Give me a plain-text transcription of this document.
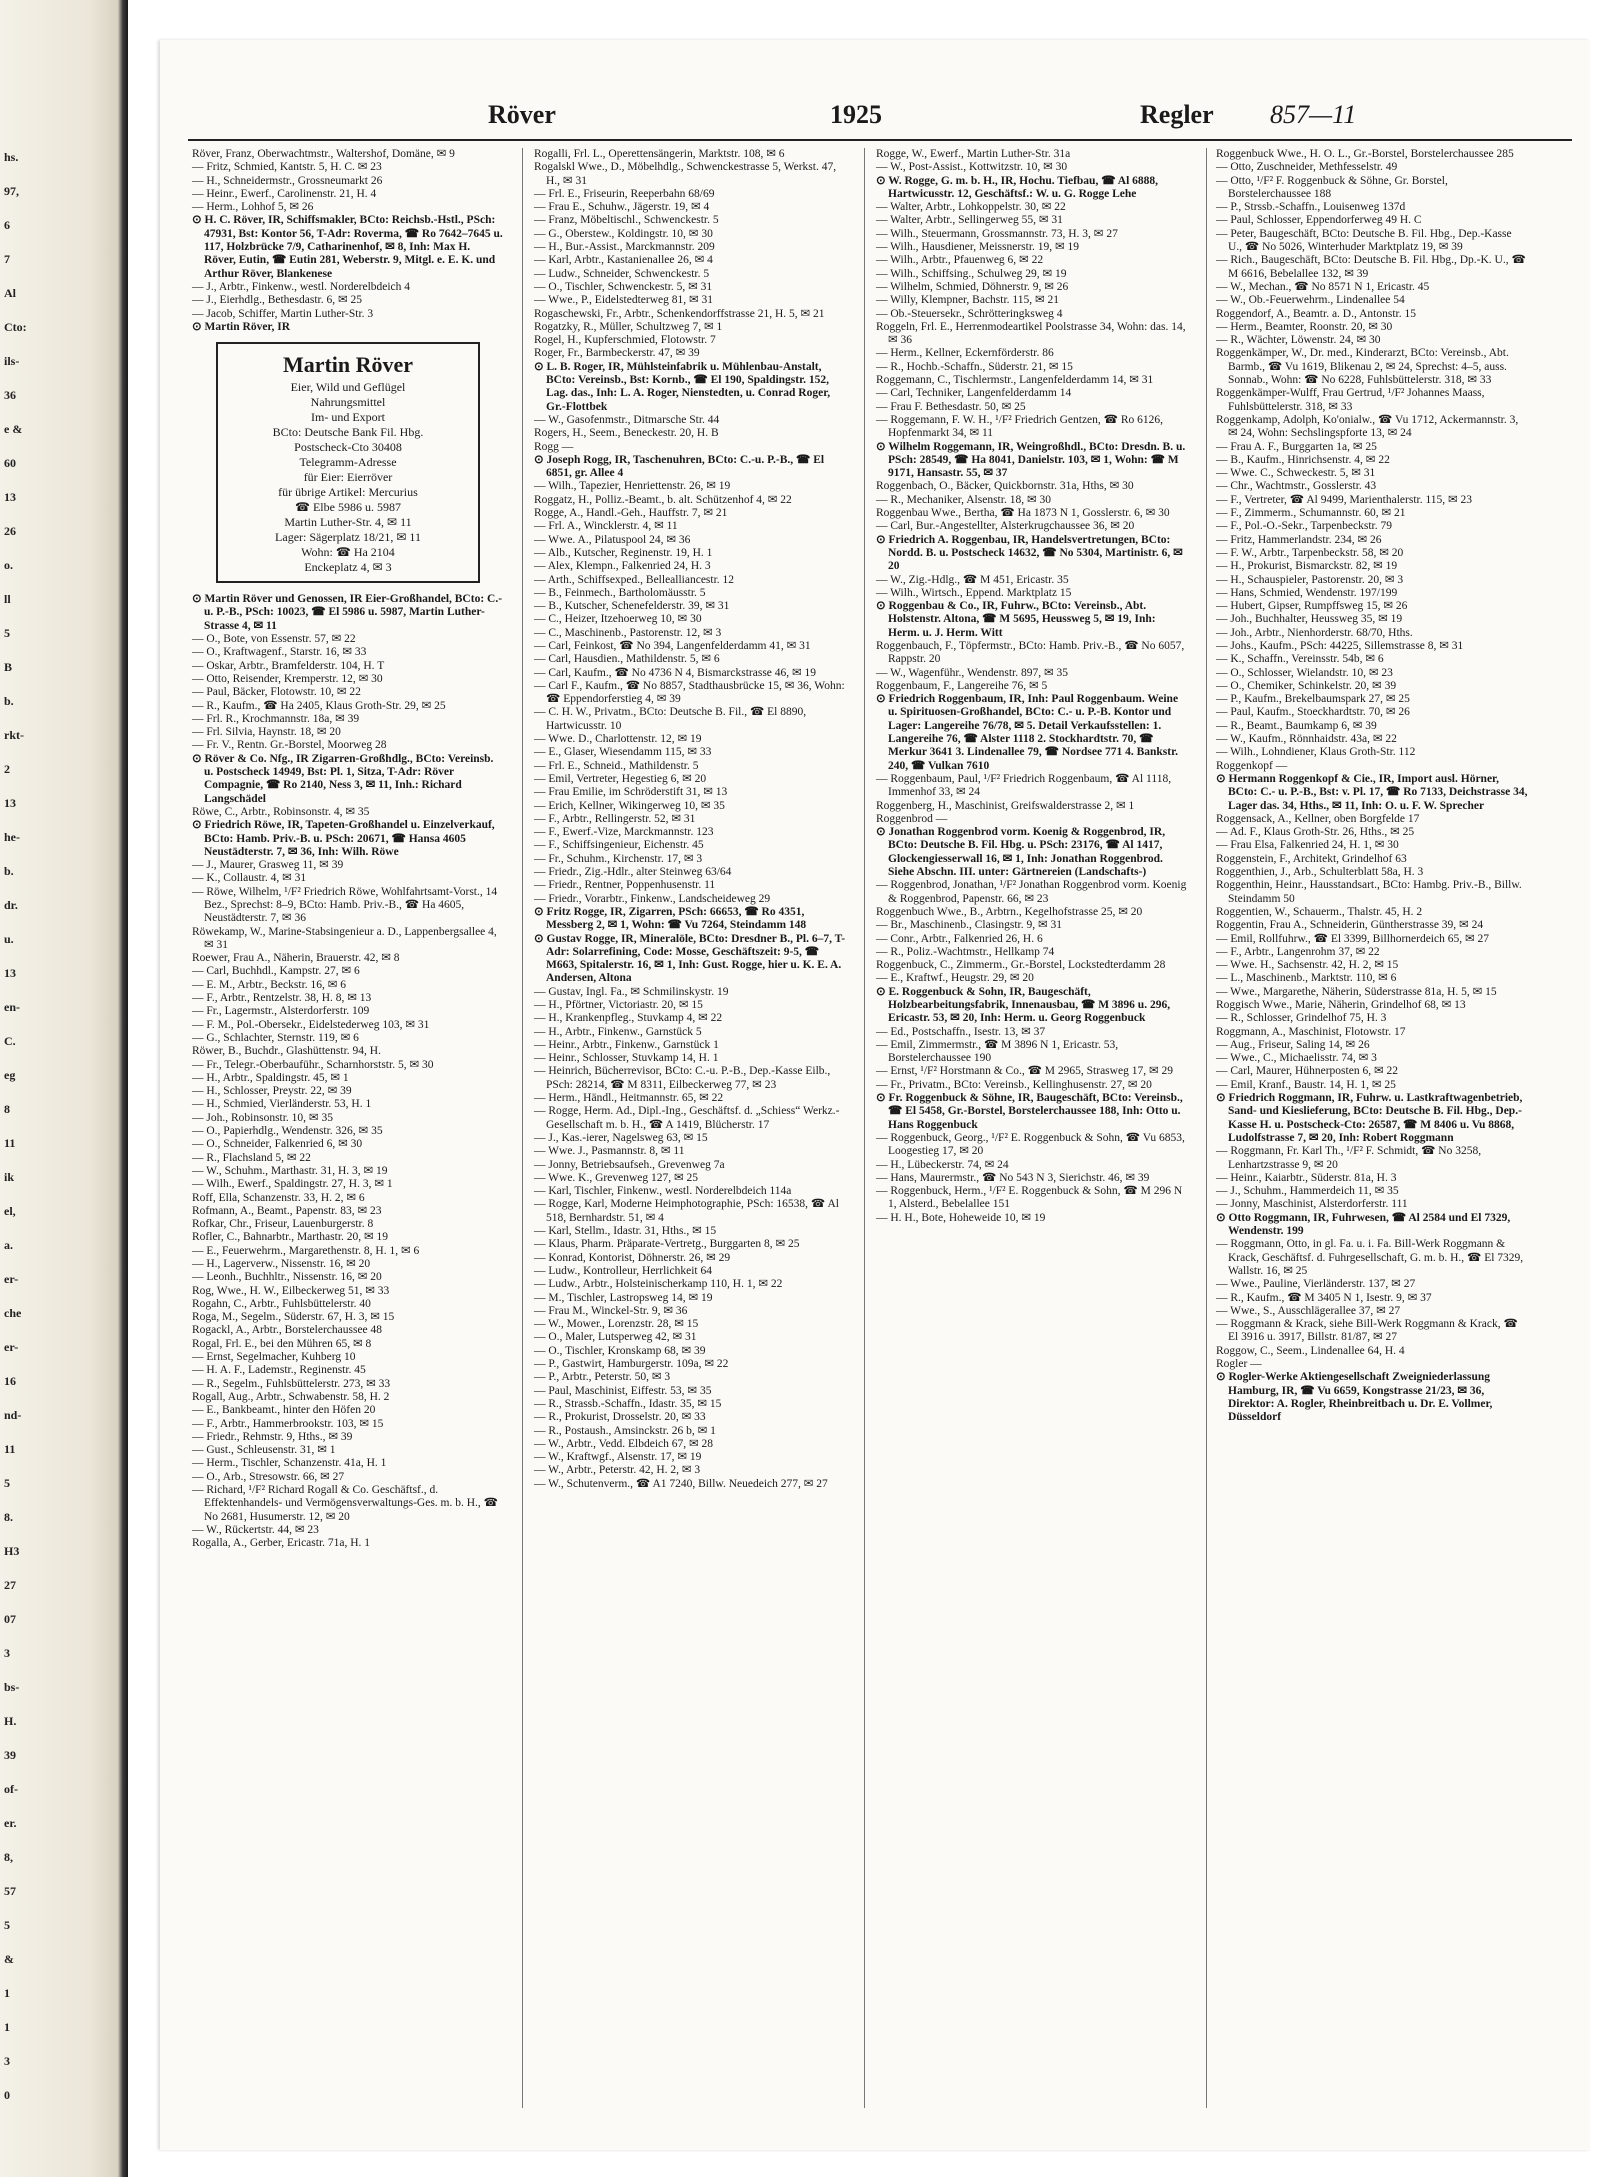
hs.
97,
6
7
Al
Cto:
ils-
36
e &
60
13
26
o.
ll
5
B
b.
rkt-
2
13
he-
b.
dr.
u.
13
en-
C.
eg
8
11
ik
el,
a.
er-
che
er-
16
nd-
11
5
8.
H3
27
07
3
bs-
H.
39
of-
er.
8,
57
5
&
1
1
3
0
Röver	1925	Regler 857—11

Röver, Franz, Oberwachtmstr., Waltershof, Domäne, ✉ 9

— Fritz, Schmied, Kantstr. 5, H. C. ✉ 23

— H., Schneidermstr., Grossneumarkt 26

— Heinr., Ewerf., Carolinenstr. 21, H. 4

— Herm., Lohhof 5, ✉ 26

⊙ H. C. Röver, IR, Schiffsmakler, BCto: Reichsb.-Hstl., PSch: 47931, Bst: Kontor 56, T-Adr: Roverma, ☎ Ro 7642–7645 u. 117, Holzbrücke 7/9, Catharinenhof, ✉ 8, Inh: Max H. Röver, Eutin, ☎ Eutin 281, Weberstr. 9, Mitgl. e. E. K. und Arthur Röver, Blankenese

— J., Arbtr., Finkenw., westl. Norderelbdeich 4

— J., Eierhdlg., Bethesdastr. 6, ✉ 25

— Jacob, Schiffer, Martin Luther-Str. 3

⊙ Martin Röver, IR

Martin Röver
Eier, Wild und Geflügel
Nahrungsmittel
Im- und Export
BCto: Deutsche Bank Fil. Hbg.
Postscheck-Cto 30408
Telegramm-Adresse
für Eier: Eierröver
für übrige Artikel: Mercurius
☎ Elbe 5986 u. 5987
Martin Luther-Str. 4, ✉ 11
Lager: Sägerplatz 18/21, ✉ 11
Wohn: ☎ Ha 2104
Enckeplatz 4, ✉ 3

⊙ Martin Röver und Genossen, IR Eier-Großhandel, BCto: C.-u. P.-B., PSch: 10023, ☎ El 5986 u. 5987, Martin Luther-Strasse 4, ✉ 11

— O., Bote, von Essenstr. 57, ✉ 22

— O., Kraftwagenf., Starstr. 16, ✉ 33

— Oskar, Arbtr., Bramfelderstr. 104, H. T

— Otto, Reisender, Kremperstr. 12, ✉ 30

— Paul, Bäcker, Flotowstr. 10, ✉ 22

— R., Kaufm., ☎ Ha 2405, Klaus Groth-Str. 29, ✉ 25

— Frl. R., Krochmannstr. 18a, ✉ 39

— Frl. Silvia, Haynstr. 18, ✉ 20

— Fr. V., Rentn. Gr.-Borstel, Moorweg 28

⊙ Röver & Co. Nfg., IR Zigarren-Großhdlg., BCto: Vereinsb. u. Postscheck 14949, Bst: Pl. 1, Sitza, T-Adr: Röver Compagnie, ☎ Ro 2140, Ness 3, ✉ 11, Inh.: Richard Langschädel

Röwe, C., Arbtr., Robinsonstr. 4, ✉ 35

⊙ Friedrich Röwe, IR, Tapeten-Großhandel u. Einzelverkauf, BCto: Hamb. Priv.-B. u. PSch: 20671, ☎ Hansa 4605 Neustädterstr. 7, ✉ 36, Inh: Wilh. Röwe

— J., Maurer, Grasweg 11, ✉ 39

— K., Collaustr. 4, ✉ 31

— Röwe, Wilhelm, ¹/F² Friedrich Röwe, Wohlfahrtsamt-Vorst., 14 Bez., Sprechst: 8–9, BCto: Hamb. Priv.-B., ☎ Ha 4605, Neustädterstr. 7, ✉ 36

Röwekamp, W., Marine-Stabsingenieur a. D., Lappenbergsallee 4, ✉ 31

Roewer, Frau A., Näherin, Brauerstr. 42, ✉ 8

— Carl, Buchhdl., Kampstr. 27, ✉ 6

— E. M., Arbtr., Beckstr. 16, ✉ 6

— F., Arbtr., Rentzelstr. 38, H. 8, ✉ 13

— Fr., Lagermstr., Alsterdorferstr. 109

— F. M., Pol.-Obersekr., Eidelstederweg 103, ✉ 31

— G., Schlachter, Sternstr. 119, ✉ 6

Röwer, B., Buchdr., Glashüttenstr. 94, H.

— Fr., Telegr.-Oberbauführ., Scharnhorststr. 5, ✉ 30

— H., Arbtr., Spaldingstr. 45, ✉ 1

— H., Schlosser, Preystr. 22, ✉ 39

— H., Schmied, Vierländerstr. 53, H. 1

— Joh., Robinsonstr. 10, ✉ 35

— O., Papierhdlg., Wendenstr. 326, ✉ 35

— O., Schneider, Falkenried 6, ✉ 30

— R., Flachsland 5, ✉ 22

— W., Schuhm., Marthastr. 31, H. 3, ✉ 19

— Wilh., Ewerf., Spaldingstr. 27, H. 3, ✉ 1

Roff, Ella, Schanzenstr. 33, H. 2, ✉ 6

Rofmann, A., Beamt., Papenstr. 83, ✉ 23

Rofkar, Chr., Friseur, Lauenburgerstr. 8

Rofler, C., Bahnarbtr., Marthastr. 20, ✉ 19

— E., Feuerwehrm., Margarethenstr. 8, H. 1, ✉ 6

— H., Lagerverw., Nissenstr. 16, ✉ 20

— Leonh., Buchhltr., Nissenstr. 16, ✉ 20

Rog, Wwe., H. W., Eilbeckerweg 51, ✉ 33

Rogahn, C., Arbtr., Fuhlsbüttelerstr. 40

Roga, M., Segelm., Süderstr. 67, H. 3, ✉ 15

Rogackl, A., Arbtr., Borstelerchaussee 48

Rogal, Frl. E., bei den Mühren 65, ✉ 8

— Ernst, Segelmacher, Kuhberg 10

— H. A. F., Lademstr., Reginenstr. 45

— R., Segelm., Fuhlsbüttelerstr. 273, ✉ 33

Rogall, Aug., Arbtr., Schwabenstr. 58, H. 2

— E., Bankbeamt., hinter den Höfen 20

— F., Arbtr., Hammerbrookstr. 103, ✉ 15

— Friedr., Rehmstr. 9, Hths., ✉ 39

— Gust., Schleusenstr. 31, ✉ 1

— Herm., Tischler, Schanzenstr. 41a, H. 1

— O., Arb., Stresowstr. 66, ✉ 27

— Richard, ¹/F² Richard Rogall & Co. Geschäftsf., d. Effektenhandels- und Vermögensverwaltungs-Ges. m. b. H., ☎ No 2681, Husumerstr. 12, ✉ 20

— W., Rückertstr. 44, ✉ 23

Rogalla, A., Gerber, Ericastr. 71a, H. 1

Rogalli, Frl. L., Operettensängerin, Marktstr. 108, ✉ 6

Rogalskl Wwe., D., Möbelhdlg., Schwenckestrasse 5, Werkst. 47, H., ✉ 31

— Frl. E., Friseurin, Reeperbahn 68/69

— Frau E., Schuhw., Jägerstr. 19, ✉ 4

— Franz, Möbeltischl., Schwenckestr. 5

— G., Oberstew., Koldingstr. 10, ✉ 30

— H., Bur.-Assist., Marckmannstr. 209

— Karl, Arbtr., Kastanienallee 26, ✉ 4

— Ludw., Schneider, Schwenckestr. 5

— O., Tischler, Schwenckestr. 5, ✉ 31

— Wwe., P., Eidelstedterweg 81, ✉ 31

Rogaschewski, Fr., Arbtr., Schenkendorffstrasse 21, H. 5, ✉ 21

Rogatzky, R., Müller, Schultzweg 7, ✉ 1

Rogel, H., Kupferschmied, Flotowstr. 7

Roger, Fr., Barmbeckerstr. 47, ✉ 39

⊙ L. B. Roger, IR, Mühlsteinfabrik u. Mühlenbau-Anstalt, BCto: Vereinsb., Bst: Kornb., ☎ El 190, Spaldingstr. 152, Lag. das., Inh: L. A. Roger, Nienstedten, u. Conrad Roger, Gr.-Flottbek

— W., Gasofenmstr., Ditmarsche Str. 44

Rogers, H., Seem., Beneckestr. 20, H. B

Rogg —

⊙ Joseph Rogg, IR, Taschenuhren, BCto: C.-u. P.-B., ☎ El 6851, gr. Allee 4

— Wilh., Tapezier, Henriettenstr. 26, ✉ 19

Roggatz, H., Polliz.-Beamt., b. alt. Schützenhof 4, ✉ 22

Rogge, A., Handl.-Geh., Hauffstr. 7, ✉ 21

— Frl. A., Wincklerstr. 4, ✉ 11

— Wwe. A., Pilatuspool 24, ✉ 36

— Alb., Kutscher, Reginenstr. 19, H. 1

— Alex, Klempn., Falkenried 24, H. 3

— Arth., Schiffsexped., Bellealliancestr. 12

— B., Feinmech., Bartholomäusstr. 5

— B., Kutscher, Schenefelderstr. 39, ✉ 31

— C., Heizer, Itzehoerweg 10, ✉ 30

— C., Maschinenb., Pastorenstr. 12, ✉ 3

— Carl, Feinkost, ☎ No 394, Langenfelderdamm 41, ✉ 31

— Carl, Hausdien., Mathildenstr. 5, ✉ 6

— Carl, Kaufm., ☎ No 4736 N 4, Bismarckstrasse 46, ✉ 19

— Carl F., Kaufm., ☎ No 8857, Stadthausbrücke 15, ✉ 36, Wohn: ☎ Eppendorferstieg 4, ✉ 39

— C. H. W., Privatm., BCto: Deutsche B. Fil., ☎ El 8890, Hartwicusstr. 10

— Wwe. D., Charlottenstr. 12, ✉ 19

— E., Glaser, Wiesendamm 115, ✉ 33

— Frl. E., Schneid., Mathildenstr. 5

— Emil, Vertreter, Hegestieg 6, ✉ 20

— Frau Emilie, im Schröderstift 31, ✉ 13

— Erich, Kellner, Wikingerweg 10, ✉ 35

— F., Arbtr., Rellingerstr. 52, ✉ 31

— F., Ewerf.-Vize, Marckmannstr. 123

— F., Schiffsingenieur, Eichenstr. 45

— Fr., Schuhm., Kirchenstr. 17, ✉ 3

— Friedr., Zig.-Hdlr., alter Steinweg 63/64

— Friedr., Rentner, Poppenhusenstr. 11

— Friedr., Vorarbtr., Finkenw., Landscheideweg 29

⊙ Fritz Rogge, IR, Zigarren, PSch: 66653, ☎ Ro 4351, Messberg 2, ✉ 1, Wohn: ☎ Vu 7264, Steindamm 148

⊙ Gustav Rogge, IR, Mineralöle, BCto: Dresdner B., Pl. 6–7, T-Adr: Solarrefining, Code: Mosse, Geschäftszeit: 9-5, ☎ M663, Spitalerstr. 16, ✉ 1, Inh: Gust. Rogge, hier u. K. E. A. Andersen, Altona

— Gustav, Ingl. Fa., ✉ Schmilinskystr. 19

— H., Pförtner, Victoriastr. 20, ✉ 15

— H., Krankenpfleg., Stuvkamp 4, ✉ 22

— H., Arbtr., Finkenw., Garnstück 5

— Heinr., Arbtr., Finkenw., Garnstück 1

— Heinr., Schlosser, Stuvkamp 14, H. 1

— Heinrich, Bücherrevisor, BCto: C.-u. P.-B., Dep.-Kasse Eilb., PSch: 28214, ☎ M 8311, Eilbeckerweg 77, ✉ 23

— Herm., Händl., Heitmannstr. 65, ✉ 22

— Rogge, Herm. Ad., Dipl.-Ing., Geschäftsf. d. „Schiess“ Werkz.-Gesellschaft m. b. H., ☎ A 1419, Blücherstr. 17

— J., Kas.-ierer, Nagelsweg 63, ✉ 15

— Wwe. J., Pasmannstr. 8, ✉ 11

— Jonny, Betriebsaufseh., Grevenweg 7a

— Wwe. K., Grevenweg 127, ✉ 25

— Karl, Tischler, Finkenw., westl. Norderelbdeich 114a

— Rogge, Karl, Moderne Heimphotographie, PSch: 16538, ☎ Al 518, Bernhardstr. 51, ✉ 4

— Karl, Stellm., Idastr. 31, Hths., ✉ 15

— Klaus, Pharm. Präparate-Vertretg., Burggarten 8, ✉ 25

— Konrad, Kontorist, Döhnerstr. 26, ✉ 29

— Ludw., Kontrolleur, Herrlichkeit 64

— Ludw., Arbtr., Holsteinischerkamp 110, H. 1, ✉ 22

— M., Tischler, Lastropsweg 14, ✉ 19

— Frau M., Winckel-Str. 9, ✉ 36

— W., Mower., Lorenzstr. 28, ✉ 15

— O., Maler, Lutsperweg 42, ✉ 31

— O., Tischler, Kronskamp 68, ✉ 39

— P., Gastwirt, Hamburgerstr. 109a, ✉ 22

— P., Arbtr., Peterstr. 50, ✉ 3

— Paul, Maschinist, Eiffestr. 53, ✉ 35

— R., Strassb.-Schaffn., Idastr. 35, ✉ 15

— R., Prokurist, Drosselstr. 20, ✉ 33

— R., Postaush., Amsinckstr. 26 b, ✉ 1

— W., Arbtr., Vedd. Elbdeich 67, ✉ 28

— W., Kraftwgf., Alsenstr. 17, ✉ 19

— W., Arbtr., Peterstr. 42, H. 2, ✉ 3

— W., Schutenverm., ☎ A1 7240, Billw. Neuedeich 277, ✉ 27

Rogge, W., Ewerf., Martin Luther-Str. 31a

— W., Post-Assist., Kottwitzstr. 10, ✉ 30

⊙ W. Rogge, G. m. b. H., IR, Hochu. Tiefbau, ☎ Al 6888, Hartwicusstr. 12, Geschäftsf.: W. u. G. Rogge Lehe

— Walter, Arbtr., Lohkoppelstr. 30, ✉ 22

— Walter, Arbtr., Sellingerweg 55, ✉ 31

— Wilh., Steuermann, Grossmannstr. 73, H. 3, ✉ 27

— Wilh., Hausdiener, Meissnerstr. 19, ✉ 19

— Wilh., Arbtr., Pfauenweg 6, ✉ 22

— Wilh., Schiffsing., Schulweg 29, ✉ 19

— Wilhelm, Schmied, Döhnerstr. 9, ✉ 26

— Willy, Klempner, Bachstr. 115, ✉ 21

— Ob.-Steuersekr., Schrötteringksweg 4

Roggeln, Frl. E., Herrenmodeartikel Poolstrasse 34, Wohn: das. 14, ✉ 36

— Herm., Kellner, Eckernförderstr. 86

— R., Hochb.-Schaffn., Süderstr. 21, ✉ 15

Roggemann, C., Tischlermstr., Langenfelderdamm 14, ✉ 31

— Carl, Techniker, Langenfelderdamm 14

— Frau F. Bethesdastr. 50, ✉ 25

— Roggemann, F. W. H., ¹/F² Friedrich Gentzen, ☎ Ro 6126, Hopfenmarkt 34, ✉ 11

⊙ Wilhelm Roggemann, IR, Weingroßhdl., BCto: Dresdn. B. u. PSch: 28549, ☎ Ha 8041, Danielstr. 103, ✉ 1, Wohn: ☎ M 9171, Hansastr. 55, ✉ 37

Roggenbach, O., Bäcker, Quickbornstr. 31a, Hths, ✉ 30

— R., Mechaniker, Alsenstr. 18, ✉ 30

Roggenbau Wwe., Bertha, ☎ Ha 1873 N 1, Gosslerstr. 6, ✉ 30

— Carl, Bur.-Angestellter, Alsterkrugchaussee 36, ✉ 20

⊙ Friedrich A. Roggenbau, IR, Handelsvertretungen, BCto: Nordd. B. u. Postscheck 14632, ☎ No 5304, Martinistr. 6, ✉ 20

— W., Zig.-Hdlg., ☎ M 451, Ericastr. 35

— Wilh., Wirtsch., Eppend. Marktplatz 15

⊙ Roggenbau & Co., IR, Fuhrw., BCto: Vereinsb., Abt. Holstenstr. Altona, ☎ M 5695, Heussweg 5, ✉ 19, Inh: Herm. u. J. Herm. Witt

Roggenbauch, F., Töpfermstr., BCto: Hamb. Priv.-B., ☎ No 6057, Rappstr. 20

— W., Wagenführ., Wendenstr. 897, ✉ 35

Roggenbaum, F., Langereihe 76, ✉ 5

⊙ Friedrich Roggenbaum, IR, Inh: Paul Roggenbaum. Weine u. Spirituosen-Großhandel, BCto: C.- u. P.-B. Kontor und Lager: Langereihe 76/78, ✉ 5. Detail Verkaufsstellen: 1. Langereihe 76, ☎ Alster 1118 2. Stockhardtstr. 70, ☎ Merkur 3641 3. Lindenallee 79, ☎ Nordsee 771 4. Bankstr. 240, ☎ Vulkan 7610

— Roggenbaum, Paul, ¹/F² Friedrich Roggenbaum, ☎ Al 1118, Immenhof 33, ✉ 24

Roggenberg, H., Maschinist, Greifswalderstrasse 2, ✉ 1

Roggenbrod —

⊙ Jonathan Roggenbrod vorm. Koenig & Roggenbrod, IR, BCto: Deutsche B. Fil. Hbg. u. PSch: 23176, ☎ Al 1417, Glockengiesserwall 16, ✉ 1, Inh: Jonathan Roggenbrod. Siehe Abschn. III. unter: Gärtnereien (Landschafts-)

— Roggenbrod, Jonathan, ¹/F² Jonathan Roggenbrod vorm. Koenig & Roggenbrod, Papenstr. 66, ✉ 23

Roggenbuch Wwe., B., Arbtrn., Kegelhofstrasse 25, ✉ 20

— Br., Maschinenb., Clasingstr. 9, ✉ 31

— Conr., Arbtr., Falkenried 26, H. 6

— R., Poliz.-Wachtmstr., Hellkamp 74

Roggenbuck, C., Zimmerm., Gr.-Borstel, Lockstedterdamm 28

— E., Kraftwf., Heugstr. 29, ✉ 20

⊙ E. Roggenbuck & Sohn, IR, Baugeschäft, Holzbearbeitungsfabrik, Innenausbau, ☎ M 3896 u. 296, Ericastr. 53, ✉ 20, Inh: Herm. u. Georg Roggenbuck

— Ed., Postschaffn., Isestr. 13, ✉ 37

— Emil, Zimmermstr., ☎ M 3896 N 1, Ericastr. 53, Borstelerchaussee 190

— Ernst, ¹/F² Horstmann & Co., ☎ M 2965, Strasweg 17, ✉ 29

— Fr., Privatm., BCto: Vereinsb., Kellinghusenstr. 27, ✉ 20

⊙ Fr. Roggenbuck & Söhne, IR, Baugeschäft, BCto: Vereinsb., ☎ El 5458, Gr.-Borstel, Borstelerchaussee 188, Inh: Otto u. Hans Roggenbuck

— Roggenbuck, Georg., ¹/F² E. Roggenbuck & Sohn, ☎ Vu 6853, Loogestieg 17, ✉ 20

— H., Lübeckerstr. 74, ✉ 24

— Hans, Maurermstr., ☎ No 543 N 3, Sierichstr. 46, ✉ 39

— Roggenbuck, Herm., ¹/F² E. Roggenbuck & Sohn, ☎ M 296 N 1, Alsterd., Bebelallee 151

— H. H., Bote, Hoheweide 10, ✉ 19

Roggenbuck Wwe., H. O. L., Gr.-Borstel, Borstelerchaussee 285

— Otto, Zuschneider, Methfesselstr. 49

— Otto, ¹/F² F. Roggenbuck & Söhne, Gr. Borstel, Borstelerchaussee 188

— P., Strssb.-Schaffn., Louisenweg 137d

— Paul, Schlosser, Eppendorferweg 49 H. C

— Peter, Baugeschäft, BCto: Deutsche B. Fil. Hbg., Dep.-Kasse U., ☎ No 5026, Winterhuder Marktplatz 19, ✉ 39

— Rich., Baugeschäft, BCto: Deutsche B. Fil. Hbg., Dp.-K. U., ☎ M 6616, Bebelallee 132, ✉ 39

— W., Mechan., ☎ No 8571 N 1, Ericastr. 45

— W., Ob.-Feuerwehrm., Lindenallee 54

Roggendorf, A., Beamtr. a. D., Antonstr. 15

— Herm., Beamter, Roonstr. 20, ✉ 30

— R., Wächter, Löwenstr. 24, ✉ 30

Roggenkämper, W., Dr. med., Kinderarzt, BCto: Vereinsb., Abt. Barmb., ☎ Vu 1619, Blikenau 2, ✉ 24, Sprechst: 4–5, auss. Sonnab., Wohn: ☎ No 6228, Fuhlsbüttelerstr. 318, ✉ 33

Roggenkämper-Wulff, Frau Gertrud, ¹/F² Johannes Maass, Fuhlsbüttelerstr. 318, ✉ 33

Roggenkamp, Adolph, Ko'onialw., ☎ Vu 1712, Ackermannstr. 3, ✉ 24, Wohn: Sechslingspforte 13, ✉ 24

— Frau A. F., Burggarten 1a, ✉ 25

— B., Kaufm., Hinrichsenstr. 4, ✉ 22

— Wwe. C., Schweckestr. 5, ✉ 31

— Chr., Wachtmstr., Gosslerstr. 43

— F., Vertreter, ☎ Al 9499, Marienthalerstr. 115, ✉ 23

— F., Zimmerm., Schumannstr. 60, ✉ 21

— F., Pol.-O.-Sekr., Tarpenbeckstr. 79

— Fritz, Hammerlandstr. 234, ✉ 26

— F. W., Arbtr., Tarpenbeckstr. 58, ✉ 20

— H., Prokurist, Bismarckstr. 82, ✉ 19

— H., Schauspieler, Pastorenstr. 20, ✉ 3

— Hans, Schmied, Wendenstr. 197/199

— Hubert, Gipser, Rumpffsweg 15, ✉ 26

— Joh., Buchhalter, Heussweg 35, ✉ 19

— Joh., Arbtr., Nienhorderstr. 68/70, Hths.

— Johs., Kaufm., PSch: 44225, Sillemstrasse 8, ✉ 31

— K., Schaffn., Vereinsstr. 54b, ✉ 6

— O., Schlosser, Wielandstr. 10, ✉ 23

— O., Chemiker, Schinkelstr. 20, ✉ 39

— P., Kaufm., Brekelbaumspark 27, ✉ 25

— Paul, Kaufm., Stoeckhardtstr. 70, ✉ 26

— R., Beamt., Baumkamp 6, ✉ 39

— W., Kaufm., Rönnhaidstr. 43a, ✉ 22

— Wilh., Lohndiener, Klaus Groth-Str. 112

Roggenkopf —

⊙ Hermann Roggenkopf & Cie., IR, Import ausl. Hörner, BCto: C.- u. P.-B., Bst: v. Pl. 17, ☎ Ro 7133, Deichstrasse 34, Lager das. 34, Hths., ✉ 11, Inh: O. u. F. W. Sprecher

Roggensack, A., Kellner, oben Borgfelde 17

— Ad. F., Klaus Groth-Str. 26, Hths., ✉ 25

— Frau Elsa, Falkenried 24, H. 1, ✉ 30

Roggenstein, F., Architekt, Grindelhof 63

Roggenthien, J., Arb., Schulterblatt 58a, H. 3

Roggenthin, Heinr., Hausstandsart., BCto: Hambg. Priv.-B., Billw. Steindamm 50

Roggentien, W., Schauerm., Thalstr. 45, H. 2

Roggentin, Frau A., Schneiderin, Güntherstrasse 39, ✉ 24

— Emil, Rollfuhrw., ☎ El 3399, Billhornerdeich 65, ✉ 27

— F., Arbtr., Langenrohm 37, ✉ 22

— Wwe. H., Sachsenstr. 42, H. 2, ✉ 15

— L., Maschinenb., Marktstr. 110, ✉ 6

— Wwe., Margarethe, Näherin, Süderstrasse 81a, H. 5, ✉ 15

Roggisch Wwe., Marie, Näherin, Grindelhof 68, ✉ 13

— R., Schlosser, Grindelhof 75, H. 3

Roggmann, A., Maschinist, Flotowstr. 17

— Aug., Friseur, Saling 14, ✉ 26

— Wwe., C., Michaelisstr. 74, ✉ 3

— Carl, Maurer, Hühnerposten 6, ✉ 22

— Emil, Kranf., Baustr. 14, H. 1, ✉ 25

⊙ Friedrich Roggmann, IR, Fuhrw. u. Lastkraftwagenbetrieb, Sand- und Kieslieferung, BCto: Deutsche B. Fil. Hbg., Dep.-Kasse H. u. Postscheck-Cto: 26587, ☎ M 8406 u. Vu 8868, Ludolfstrasse 7, ✉ 20, Inh: Robert Roggmann

— Roggmann, Fr. Karl Th., ¹/F² F. Schmidt, ☎ No 3258, Lenhartzstrasse 9, ✉ 20

— Heinr., Kaiarbtr., Süderstr. 81a, H. 3

— J., Schuhm., Hammerdeich 11, ✉ 35

— Jonny, Maschinist, Alsterdorferstr. 111

⊙ Otto Roggmann, IR, Fuhrwesen, ☎ Al 2584 und El 7329, Wendenstr. 199

— Roggmann, Otto, in gl. Fa. u. i. Fa. Bill-Werk Roggmann & Krack, Geschäftsf. d. Fuhrgesellschaft, G. m. b. H., ☎ El 7329, Wallstr. 16, ✉ 25

— Wwe., Pauline, Vierländerstr. 137, ✉ 27

— R., Kaufm., ☎ M 3405 N 1, Isestr. 9, ✉ 37

— Wwe., S., Ausschlägerallee 37, ✉ 27

— Roggmann & Krack, siehe Bill-Werk Roggmann & Krack, ☎ El 3916 u. 3917, Billstr. 81/87, ✉ 27

Roggow, C., Seem., Lindenallee 64, H. 4

Rogler —

⊙ Rogler-Werke Aktiengesellschaft Zweigniederlassung Hamburg, IR, ☎ Vu 6659, Kongstrasse 21/23, ✉ 36, Direktor: A. Rogler, Rheinbreitbach u. Dr. E. Vollmer, Düsseldorf
